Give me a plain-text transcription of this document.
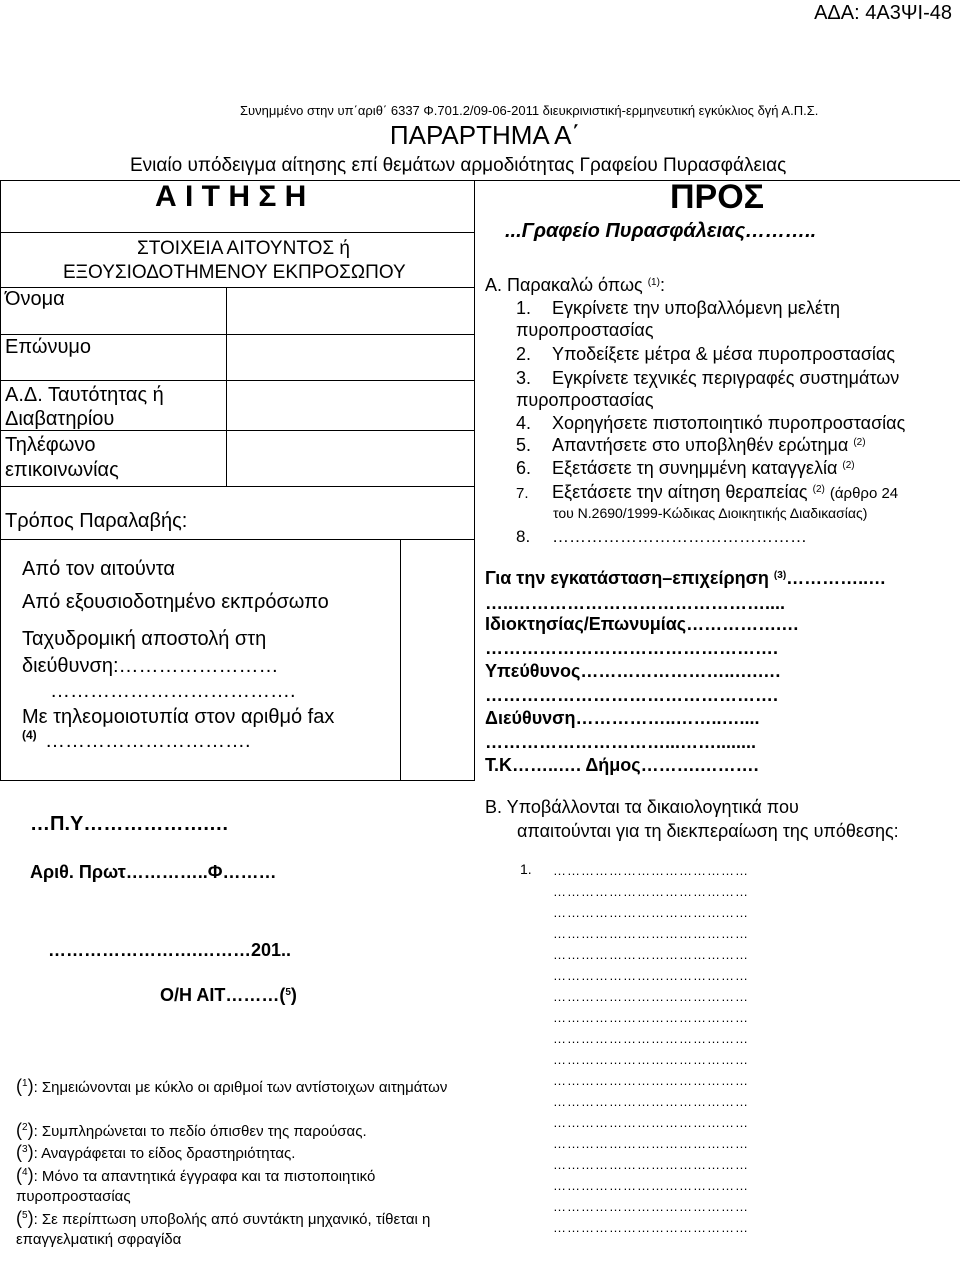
ΑΔΑ: 4Α3ΨΙ-48
Συνημμένο στην υπ΄αριθ΄ 6337 Φ.701.2/09-06-2011 διευκρινιστική-ερμηνευτική εγκύκλιος δγή Α.Π.Σ.
ΠΑΡΑΡΤΗΜΑ Α΄
Ενιαίο υπόδειγμα αίτησης επί θεμάτων αρμοδιότητας Γραφείου Πυρασφάλειας
Α Ι Τ Η Σ Η
ΣΤΟΙΧΕΙΑ ΑΙΤΟΥΝΤΟΣ ή
ΕΞΟΥΣΙΟΔΟΤΗΜΕΝΟΥ ΕΚΠΡΟΣΩΠΟΥ
Όνομα
Επώνυμο
Α.Δ. Ταυτότητας ή
Διαβατηρίου
Τηλέφωνο
επικοινωνίας
Τρόπος Παραλαβής:
Από τον αιτούντα
Από εξουσιοδοτημένο εκπρόσωπο
Ταχυδρομική αποστολή στη
διεύθυνση:……………………
……………………………….
Με τηλεομοιοτυπία στον αριθμό fax
(4) ………………………….
…Π.Υ……………….…
Αριθ. Πρωτ…………..Φ………
…………………….………201..
Ο/Η ΑΙΤ………($^5$)
ΠΡΟΣ
...Γραφείο Πυρασφάλειας………..
Α. Παρακαλώ όπως $^{(1)}$:
1. Εγκρίνετε την υποβαλλόμενη μελέτη πυροπροστασίας
2. Υποδείξετε μέτρα & μέσα πυροπροστασίας
3. Εγκρίνετε τεχνικές περιγραφές συστημάτων πυροπροστασίας
4. Χορηγήσετε πιστοποιητικό πυροπροστασίας
5. Απαντήσετε στο υποβληθέν ερώτημα $^{(2)}$
6. Εξετάσετε τη συνημμένη καταγγελία $^{(2)}$
7. Εξετάσετε την αίτηση θεραπείας $^{(2)}$ (άρθρο 24
του Ν.2690/1999-Κώδικας Διοικητικής Διαδικασίας)
8. ………………………………………
Για την εγκατάσταση–επιχείρηση $^{(3)}$…………..…
…..……………………………………....
Ιδιοκτησίας/Επωνυμίας…………….…
………………………………………….
Υπεύθυνος……………………..….….
………………………………………….
Διεύθυνση……………..……..…....
…………………………...……........
Τ.Κ……..…. Δήμος……….……….
Β. Υποβάλλονται τα δικαιολογητικά που
απαιτούνται για τη διεκπεραίωση της υπόθεσης:
1. ……………………………………
……………………………………
……………………………………
……………………………………
……………………………………
……………………………………
……………………………………
……………………………………
……………………………………
……………………………………
……………………………………
……………………………………
……………………………………
……………………………………
……………………………………
……………………………………
……………………………………
……………………………………
($^1$): Σημειώνονται με κύκλο οι αριθμοί των αντίστοιχων αιτημάτων
($^2$): Συμπληρώνεται το πεδίο όπισθεν της παρούσας.
($^3$): Αναγράφεται το είδος δραστηριότητας.
($^4$): Μόνο τα απαντητικά έγγραφα και τα πιστοποιητικό πυροπροστασίας
($^5$): Σε περίπτωση υποβολής από συντάκτη μηχανικό, τίθεται η επαγγελματική σφραγίδα
